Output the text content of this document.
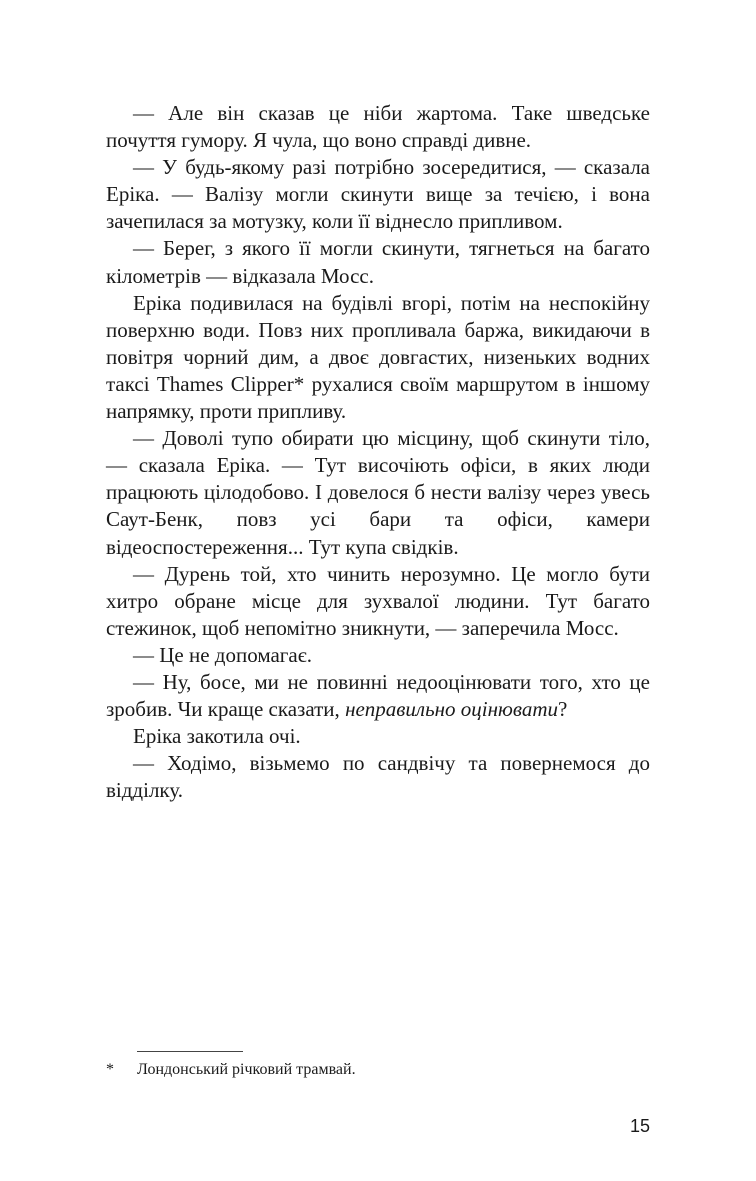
— Але він сказав це ніби жартома. Таке шведське почуття гумору. Я чула, що воно справді дивне.

— У будь-якому разі потрібно зосередитися, — сказала Еріка. — Валізу могли скинути вище за течією, і вона зачепилася за мотузку, коли її віднесло припливом.

— Берег, з якого її могли скинути, тягнеться на багато кілометрів — відказала Мосс.

Еріка подивилася на будівлі вгорі, потім на неспокійну поверхню води. Повз них пропливала баржа, викидаючи в повітря чорний дим, а двоє довгастих, низеньких водних таксі Thames Clipper* рухалися своїм маршрутом в іншому напрямку, проти припливу.

— Доволі тупо обирати цю місцину, щоб скинути тіло, — сказала Еріка. — Тут височіють офіси, в яких люди працюють цілодобово. І довелося б нести валізу через увесь Саут-Бенк, повз усі бари та офіси, камери відеоспостереження... Тут купа свідків.

— Дурень той, хто чинить нерозумно. Це могло бути хитро обране місце для зухвалої людини. Тут багато стежинок, щоб непомітно зникнути, — заперечила Мосс.

— Це не допомагає.

— Ну, босе, ми не повинні недооцінювати того, хто це зробив. Чи краще сказати, неправильно оцінювати?

Еріка закотила очі.

— Ходімо, візьмемо по сандвічу та повернемося до відділку.

* Лондонський річковий трамвай.
15
